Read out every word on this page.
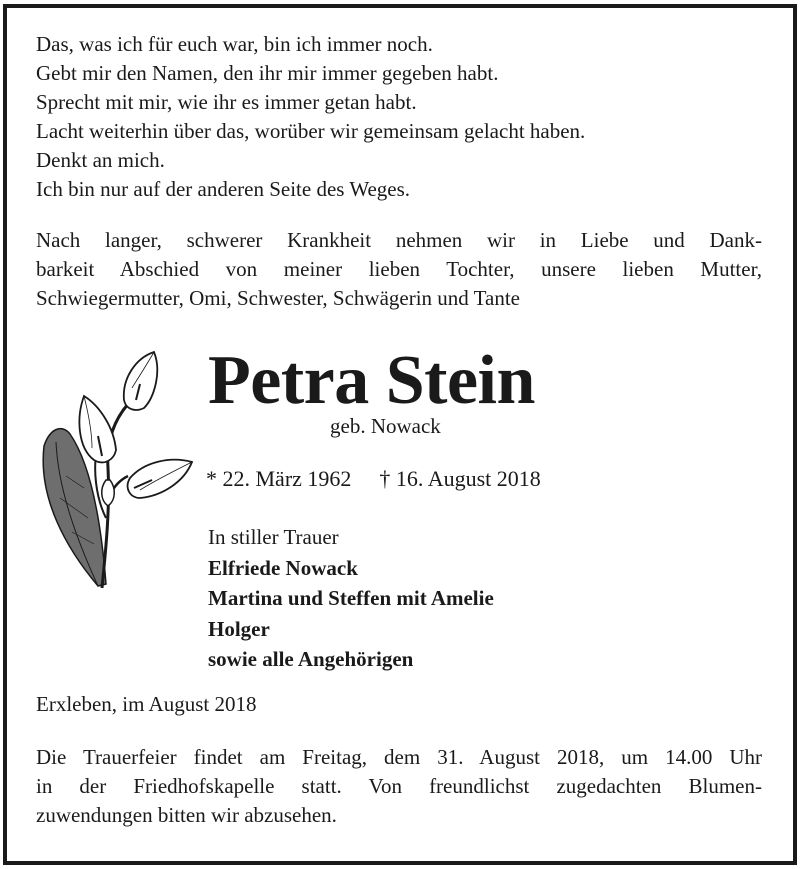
Das, was ich für euch war, bin ich immer noch.
Gebt mir den Namen, den ihr mir immer gegeben habt.
Sprecht mit mir, wie ihr es immer getan habt.
Lacht weiterhin über das, worüber wir gemeinsam gelacht haben.
Denkt an mich.
Ich bin nur auf der anderen Seite des Weges.
Nach langer, schwerer Krankheit nehmen wir in Liebe und Dank-
barkeit Abschied von meiner lieben Tochter, unsere lieben Mutter,
Schwiegermutter, Omi, Schwester, Schwägerin und Tante
Petra Stein
geb. Nowack
* 22. März 1962 † 16. August 2018
In stiller Trauer
Elfriede Nowack
Martina und Steffen mit Amelie
Holger
sowie alle Angehörigen
Erxleben, im August 2018
Die Trauerfeier findet am Freitag, dem 31. August 2018, um 14.00 Uhr
in der Friedhofskapelle statt. Von freundlichst zugedachten Blumen-
zuwendungen bitten wir abzusehen.
